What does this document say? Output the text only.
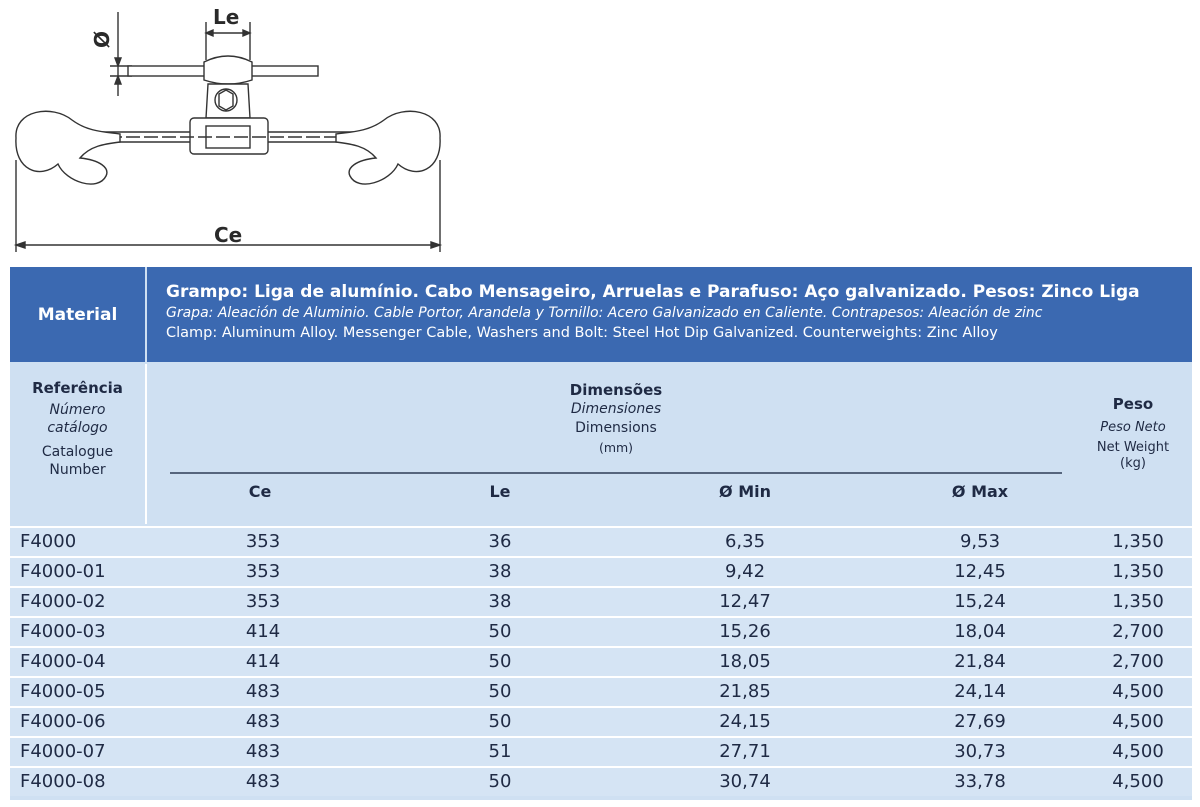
Ø
Le
Ce
Material
Grampo: Liga de alumínio. Cabo Mensageiro, Arruelas e Parafuso: Aço galvanizado. Pesos: Zinco Liga
Grapa: Aleación de Aluminio. Cable Portor, Arandela y Tornillo: Acero Galvanizado en Caliente. Contrapesos: Aleación de zinc
Clamp: Aluminum Alloy. Messenger Cable, Washers and Bolt: Steel Hot Dip Galvanized. Counterweights: Zinc Alloy
Referência
Número
catálogo
Catalogue
Number
Dimensões
Dimensiones
Dimensions
(mm)
Ce	Le	Ø Min	Ø Max
Peso
Peso Neto
Net Weight
(kg)
F4000	353	36	6,35	9,53	1,350
F4000-01	353	38	9,42	12,45	1,350
F4000-02	353	38	12,47	15,24	1,350
F4000-03	414	50	15,26	18,04	2,700
F4000-04	414	50	18,05	21,84	2,700
F4000-05	483	50	21,85	24,14	4,500
F4000-06	483	50	24,15	27,69	4,500
F4000-07	483	51	27,71	30,73	4,500
F4000-08	483	50	30,74	33,78	4,500
